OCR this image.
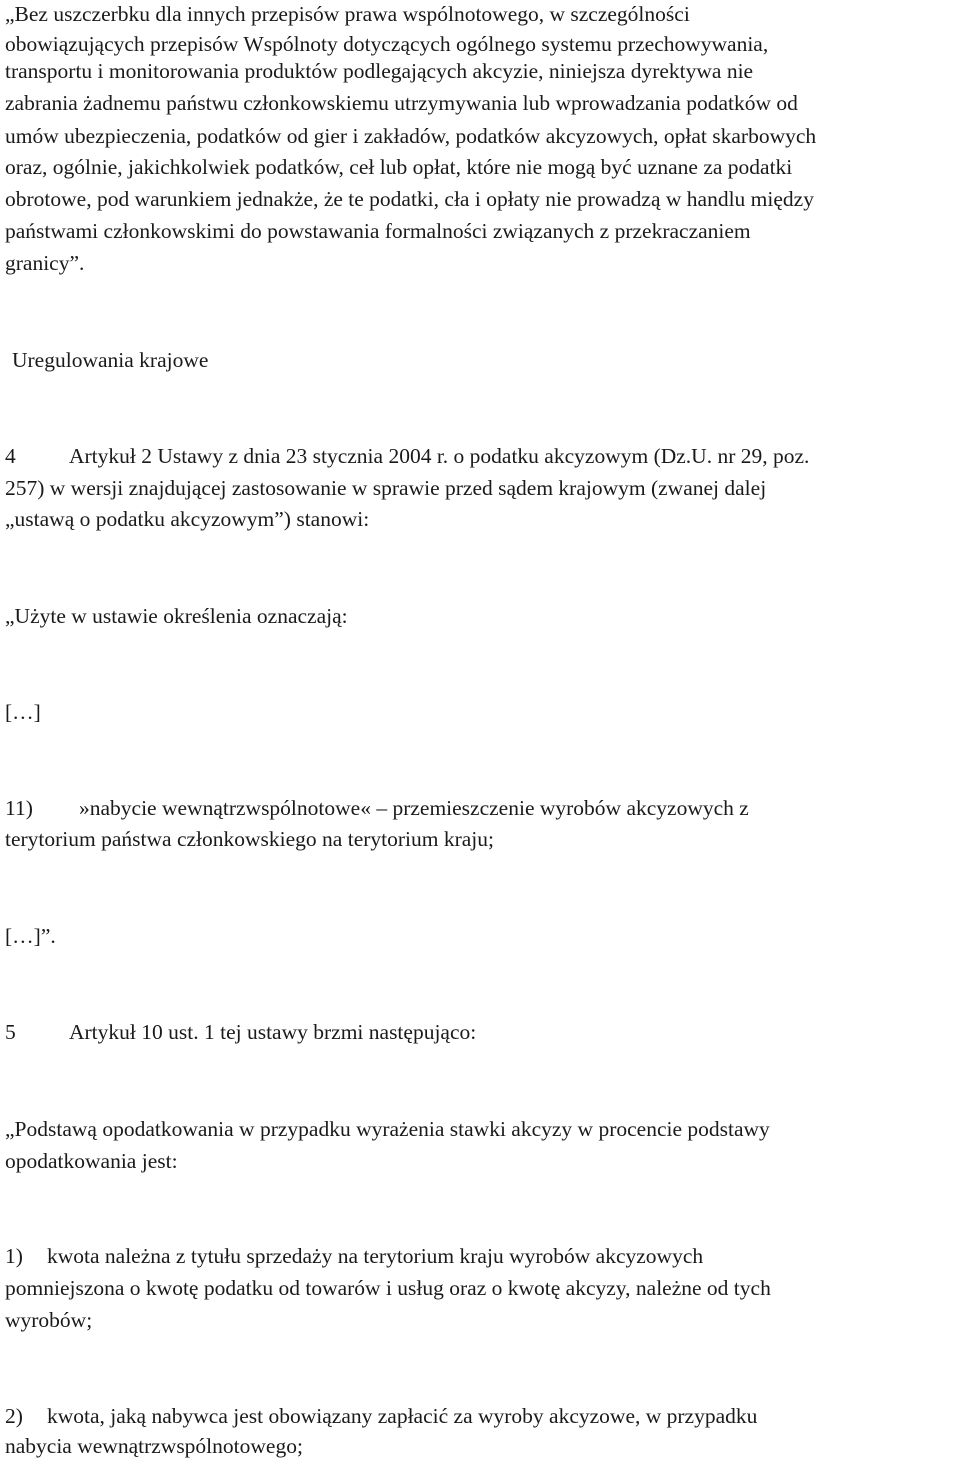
„Bez uszczerbku dla innych przepisów prawa wspólnotowego, w szczególności
obowiązujących przepisów Wspólnoty dotyczących ogólnego systemu przechowywania,
transportu i monitorowania produktów podlegających akcyzie, niniejsza dyrektywa nie
zabrania żadnemu państwu członkowskiemu utrzymywania lub wprowadzania podatków od
umów ubezpieczenia, podatków od gier i zakładów, podatków akcyzowych, opłat skarbowych
oraz, ogólnie, jakichkolwiek podatków, ceł lub opłat, które nie mogą być uznane za podatki
obrotowe, pod warunkiem jednakże, że te podatki, cła i opłaty nie prowadzą w handlu między
państwami członkowskimi do powstawania formalności związanych z przekraczaniem
granicy”.
Uregulowania krajowe
4 Artykuł 2 Ustawy z dnia 23 stycznia 2004 r. o podatku akcyzowym (Dz.U. nr 29, poz.
257) w wersji znajdującej zastosowanie w sprawie przed sądem krajowym (zwanej dalej
„ustawą o podatku akcyzowym”) stanowi:
„Użyte w ustawie określenia oznaczają:
[…]
11) »nabycie wewnątrzwspólnotowe« – przemieszczenie wyrobów akcyzowych z
terytorium państwa członkowskiego na terytorium kraju;
[…]”.
5 Artykuł 10 ust. 1 tej ustawy brzmi następująco:
„Podstawą opodatkowania w przypadku wyrażenia stawki akcyzy w procencie podstawy
opodatkowania jest:
1) kwota należna z tytułu sprzedaży na terytorium kraju wyrobów akcyzowych
pomniejszona o kwotę podatku od towarów i usług oraz o kwotę akcyzy, należne od tych
wyrobów;
2) kwota, jaką nabywca jest obowiązany zapłacić za wyroby akcyzowe, w przypadku
nabycia wewnątrzwspólnotowego;
